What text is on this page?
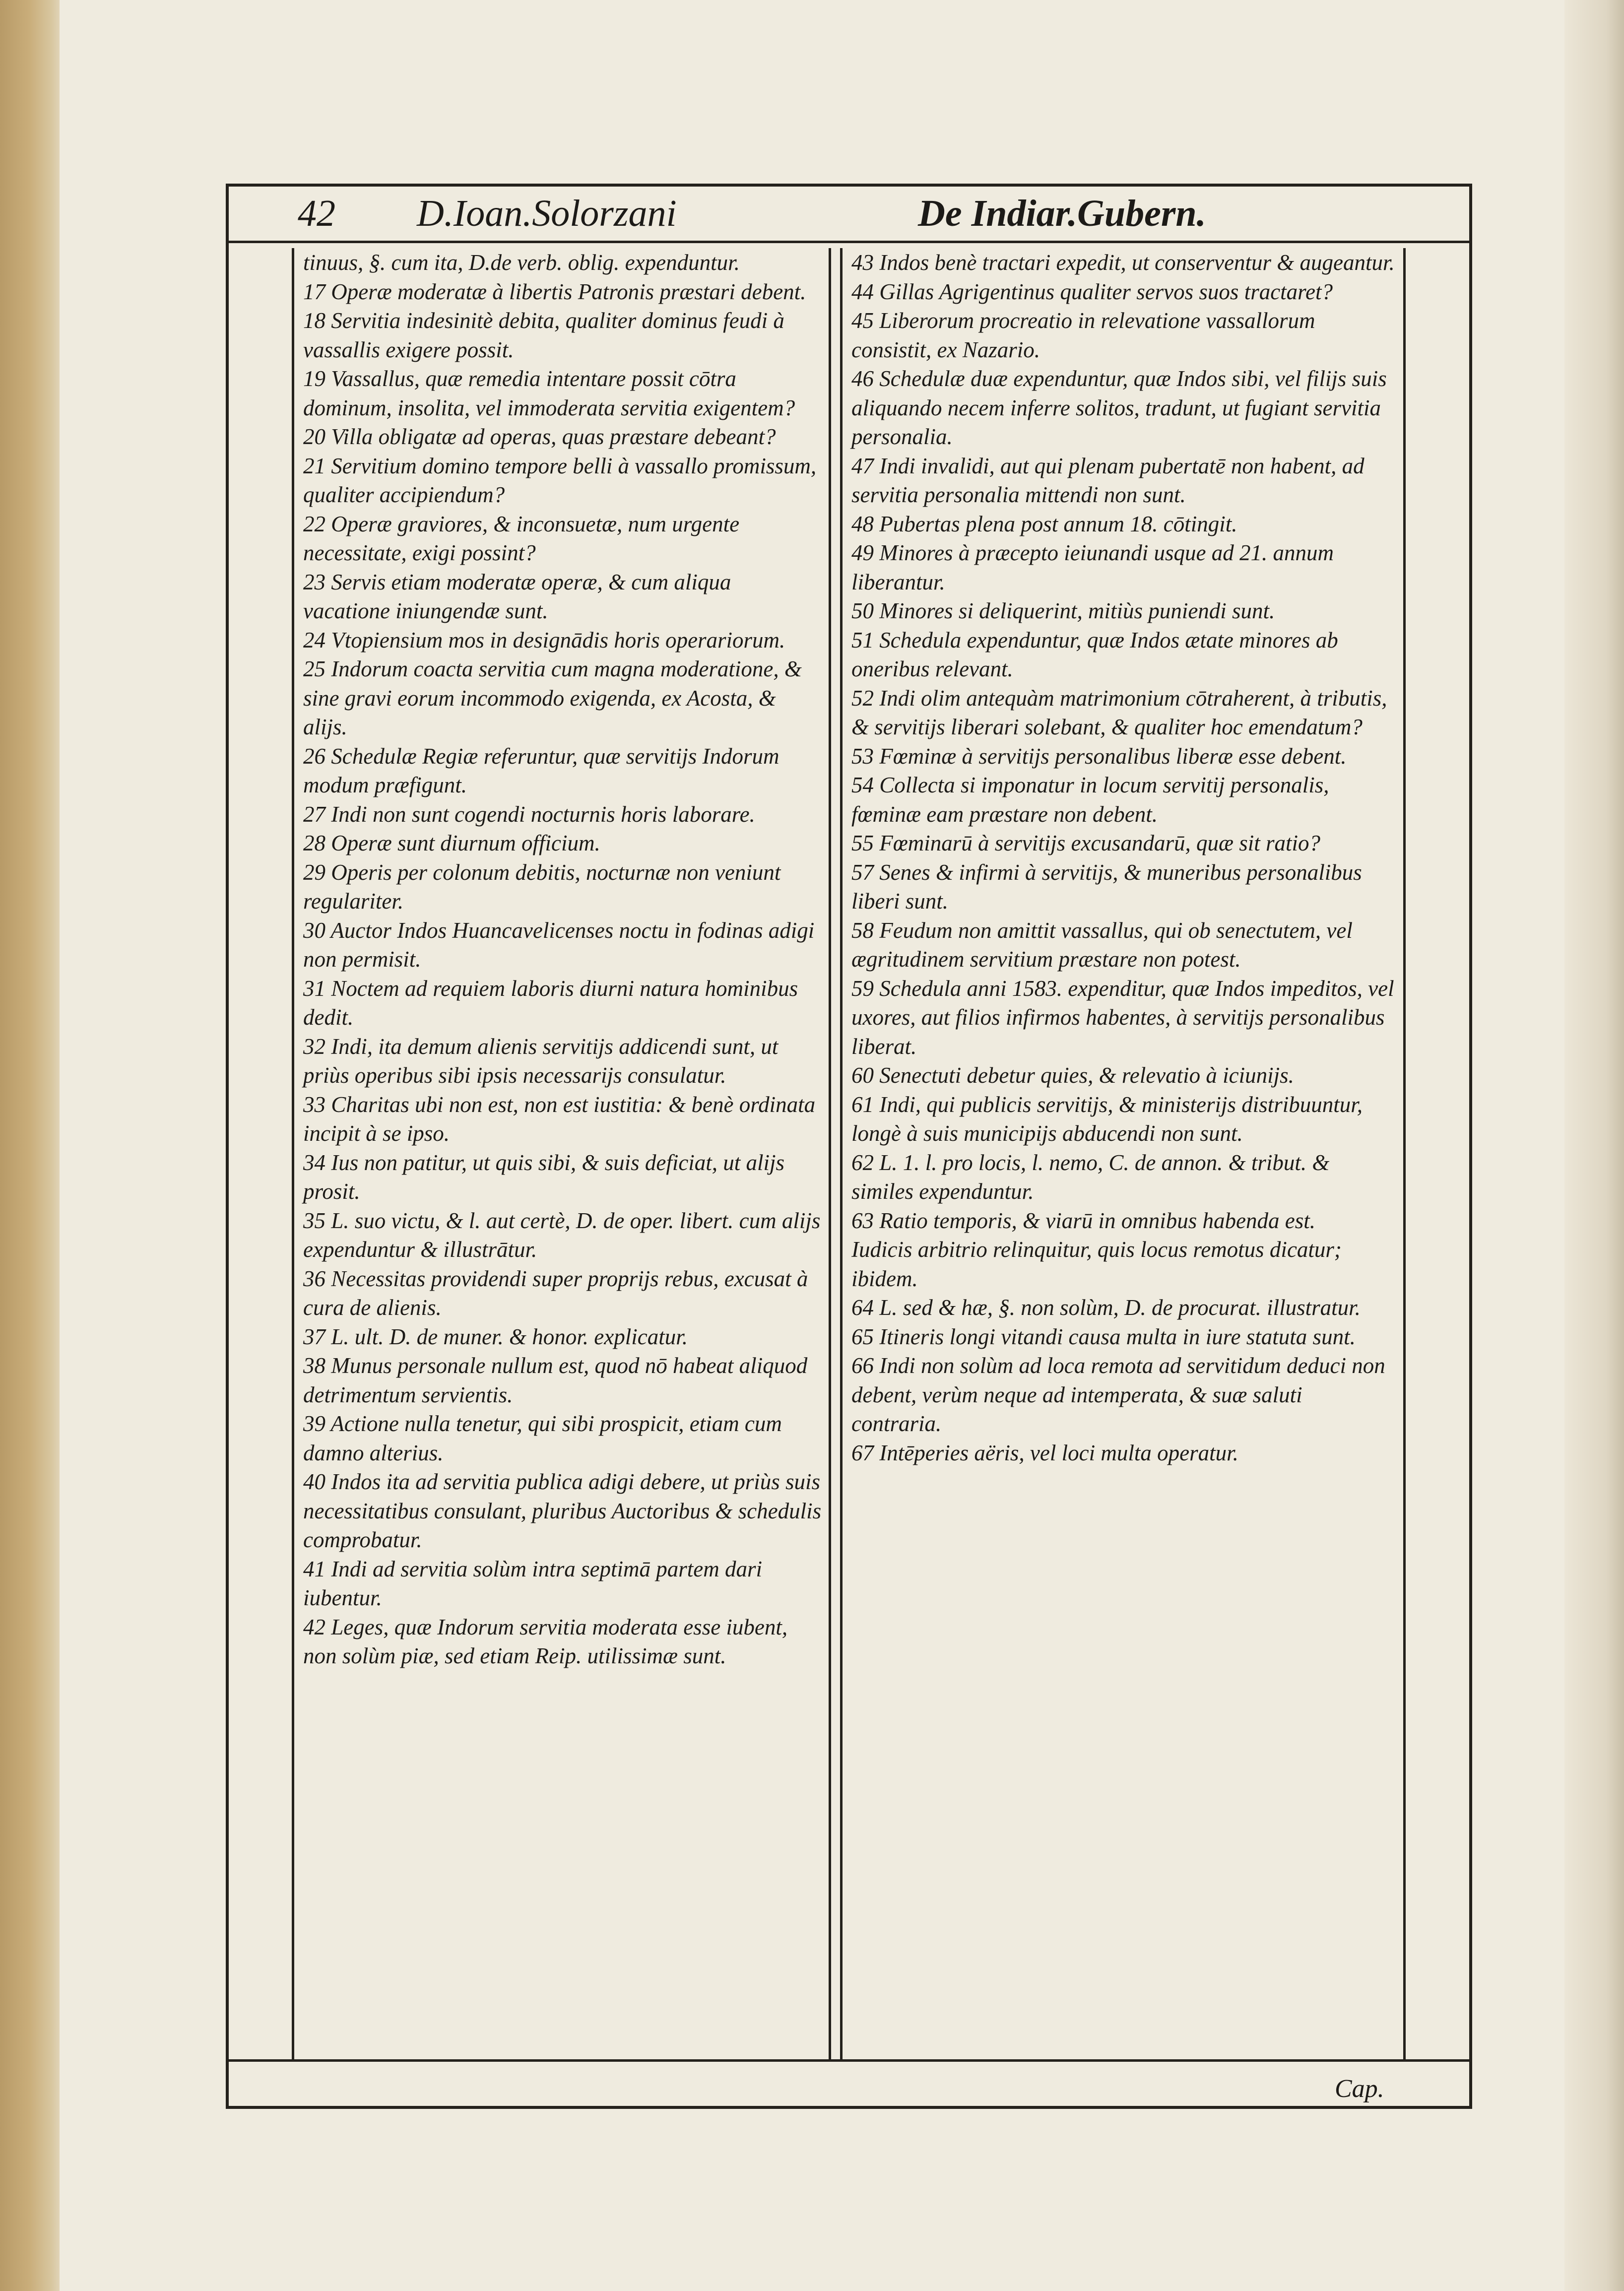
42 D.Ioan.Solorzani	De Indiar.Gubern.
tinuus, §. cum ita, D.de verb. oblig. expenduntur.
17 Operæ moderatæ à libertis Patronis præstari debent.
18 Servitia indesinitè debita, qualiter dominus feudi à vassallis exigere possit.
19 Vassallus, quæ remedia intentare possit cōtra dominum, insolita, vel immoderata servitia exigentem?
20 Villa obligatæ ad operas, quas præstare debeant?
21 Servitium domino tempore belli à vassallo promissum, qualiter accipiendum?
22 Operæ graviores, & inconsuetæ, num urgente necessitate, exigi possint?
23 Servis etiam moderatæ operæ, & cum aliqua vacatione iniungendæ sunt.
24 Vtopiensium mos in designādis horis operariorum.
25 Indorum coacta servitia cum magna moderatione, & sine gravi eorum incommodo exigenda, ex Acosta, & alijs.
26 Schedulæ Regiæ referuntur, quæ servitijs Indorum modum præfigunt.
27 Indi non sunt cogendi nocturnis horis laborare.
28 Operæ sunt diurnum officium.
29 Operis per colonum debitis, nocturnæ non veniunt regulariter.
30 Auctor Indos Huancavelicenses noctu in fodinas adigi non permisit.
31 Noctem ad requiem laboris diurni natura hominibus dedit.
32 Indi, ita demum alienis servitijs addicendi sunt, ut priùs operibus sibi ipsis necessarijs consulatur.
33 Charitas ubi non est, non est iustitia: & benè ordinata incipit à se ipso.
34 Ius non patitur, ut quis sibi, & suis deficiat, ut alijs prosit.
35 L. suo victu, & l. aut certè, D. de oper. libert. cum alijs expenduntur & illustrātur.
36 Necessitas providendi super proprijs rebus, excusat à cura de alienis.
37 L. ult. D. de muner. & honor. explicatur.
38 Munus personale nullum est, quod nō habeat aliquod detrimentum servientis.
39 Actione nulla tenetur, qui sibi prospicit, etiam cum damno alterius.
40 Indos ita ad servitia publica adigi debere, ut priùs suis necessitatibus consulant, pluribus Auctoribus & schedulis comprobatur.
41 Indi ad servitia solùm intra septimā partem dari iubentur.
42 Leges, quæ Indorum servitia moderata esse iubent, non solùm piæ, sed etiam Reip. utilissimæ sunt.
43 Indos benè tractari expedit, ut conserventur & augeantur.
44 Gillas Agrigentinus qualiter servos suos tractaret?
45 Liberorum procreatio in relevatione vassallorum consistit, ex Nazario.
46 Schedulæ duæ expenduntur, quæ Indos sibi, vel filijs suis aliquando necem inferre solitos, tradunt, ut fugiant servitia personalia.
47 Indi invalidi, aut qui plenam pubertatē non habent, ad servitia personalia mittendi non sunt.
48 Pubertas plena post annum 18. cōtingit.
49 Minores à præcepto ieiunandi usque ad 21. annum liberantur.
50 Minores si deliquerint, mitiùs puniendi sunt.
51 Schedula expenduntur, quæ Indos ætate minores ab oneribus relevant.
52 Indi olim antequàm matrimonium cōtraherent, à tributis, & servitijs liberari solebant, & qualiter hoc emendatum?
53 Fœminæ à servitijs personalibus liberæ esse debent.
54 Collecta si imponatur in locum servitij personalis, fœminæ eam præstare non debent.
55 Fœminarū à servitijs excusandarū, quæ sit ratio?
57 Senes & infirmi à servitijs, & muneribus personalibus liberi sunt.
58 Feudum non amittit vassallus, qui ob senectutem, vel ægritudinem servitium præstare non potest.
59 Schedula anni 1583. expenditur, quæ Indos impeditos, vel uxores, aut filios infirmos habentes, à servitijs personalibus liberat.
60 Senectuti debetur quies, & relevatio à iciunijs.
61 Indi, qui publicis servitijs, & ministerijs distribuuntur, longè à suis municipijs abducendi non sunt.
62 L. 1. l. pro locis, l. nemo, C. de annon. & tribut. & similes expenduntur.
63 Ratio temporis, & viarū in omnibus habenda est.
Iudicis arbitrio relinquitur, quis locus remotus dicatur; ibidem.
64 L. sed & hæ, §. non solùm, D. de procurat. illustratur.
65 Itineris longi vitandi causa multa in iure statuta sunt.
66 Indi non solùm ad loca remota ad servitidum deduci non debent, verùm neque ad intemperata, & suæ saluti contraria.
67 Intēperies aëris, vel loci multa operatur.
Cap.
